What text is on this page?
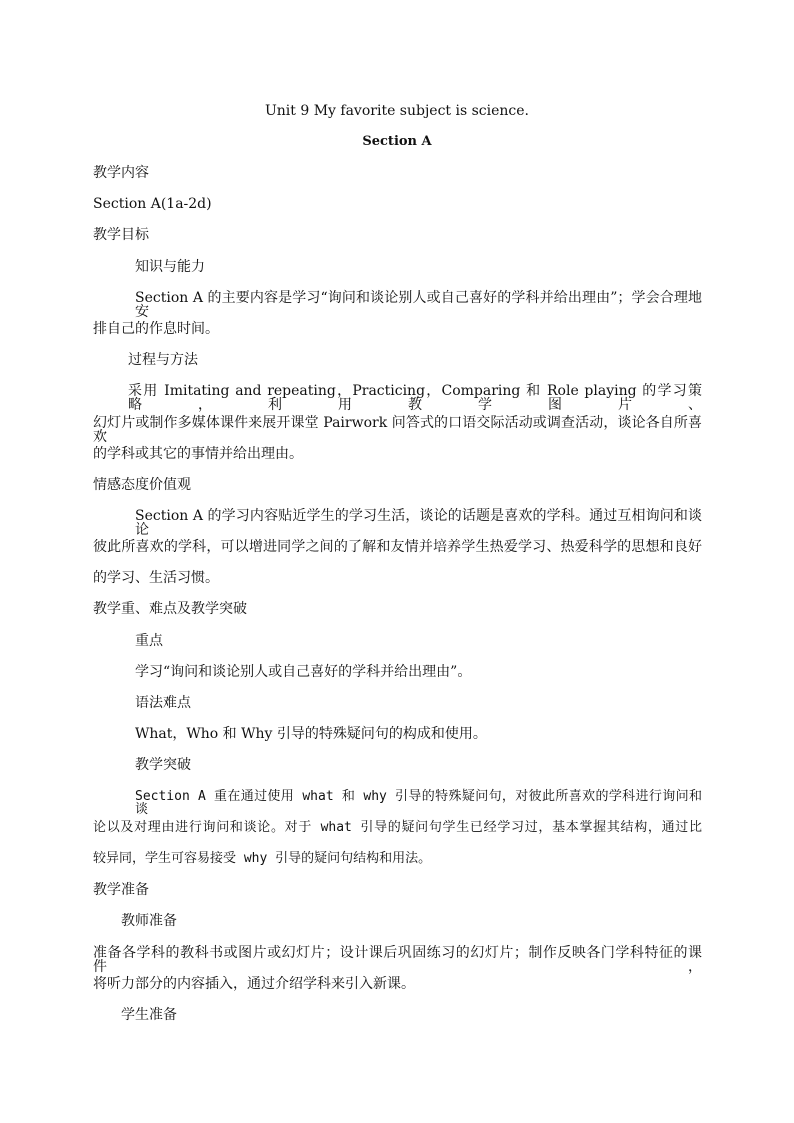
Unit 9 My favorite subject is science.
Section A
教学内容
Section A(1a-2d)
教学目标
知识与能力
Section A 的主要内容是学习“询问和谈论别人或自己喜好的学科并给出理由”；学会合理地安
排自己的作息时间。
过程与方法
采用 Imitating and repeating，Practicing，Comparing 和 Role playing 的学习策略，利用教学图片、
幻灯片或制作多媒体课件来展开课堂 Pairwork 问答式的口语交际活动或调查活动，谈论各自所喜欢
的学科或其它的事情并给出理由。
情感态度价值观
Section A 的学习内容贴近学生的学习生活，谈论的话题是喜欢的学科。通过互相询问和谈论
彼此所喜欢的学科，可以增进同学之间的了解和友情并培养学生热爱学习、热爱科学的思想和良好
的学习、生活习惯。
教学重、难点及教学突破
重点
学习“询问和谈论别人或自己喜好的学科并给出理由”。
语法难点
What，Who 和 Why 引导的特殊疑问句的构成和使用。
教学突破
Section A 重在通过使用 what 和 why 引导的特殊疑问句，对彼此所喜欢的学科进行询问和谈
论以及对理由进行询问和谈论。对于 what 引导的疑问句学生已经学习过，基本掌握其结构，通过比
较异同，学生可容易接受 why 引导的疑问句结构和用法。
教学准备
教师准备
准备各学科的教科书或图片或幻灯片；设计课后巩固练习的幻灯片；制作反映各门学科特征的课件，
将听力部分的内容插入，通过介绍学科来引入新课。
学生准备
